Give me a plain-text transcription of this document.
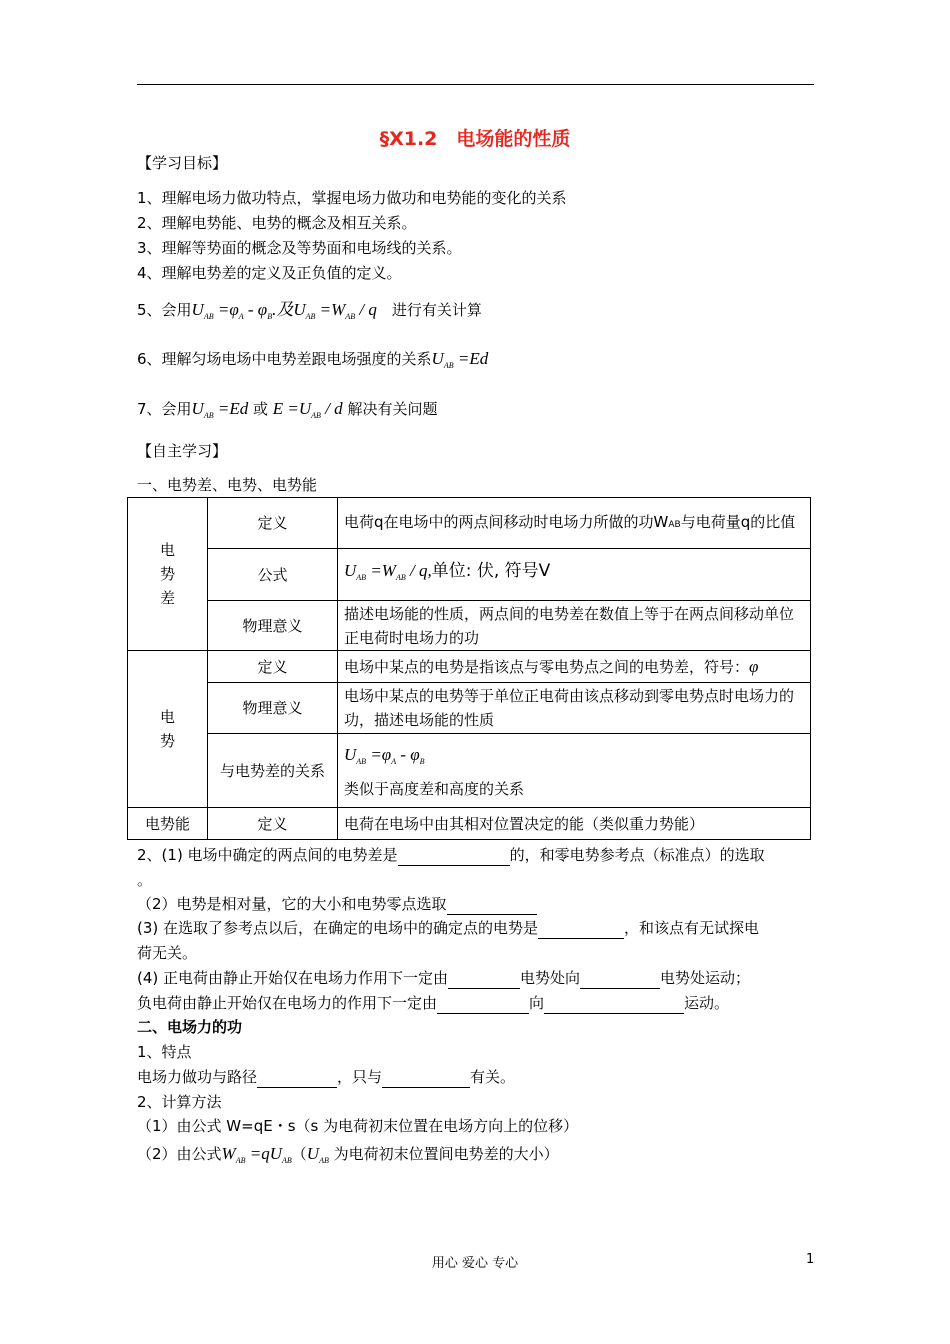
§X1.2　电场能的性质
【学习目标】
1、理解电场力做功特点，掌握电场力做功和电势能的变化的关系
2、理解电势能、电势的概念及相互关系。
3、理解等势面的概念及等势面和电场线的关系。
4、理解电势差的定义及正负值的定义。
5、会用$U_{AB} =\varphi_A - \varphi_B$.及$U_{AB} =W_{AB} / q$　进行有关计算
6、理解匀场电场中电势差跟电场强度的关系$U_{AB} =Ed$
7、会用$U_{AB} =Ed$ 或 $E =U_{AB} / d$ 解决有关问题
【自主学习】
一、电势差、电势、电势能
电势差	定义	电荷q在电场中的两点间移动时电场力所做的功WAB与电荷量q的比值
	公式	$U_{AB} =W_{AB} / q$,单位: 伏, 符号V
	物理意义	描述电场能的性质，两点间的电势差在数值上等于在两点间移动单位正电荷时电场力的功

电势	定义	电场中某点的电势是指该点与零电势点之间的电势差，符号：φ
	物理意义	电场中某点的电势等于单位正电荷由该点移动到零电势点时电场力的功，描述电场能的性质
	与电势差的关系	$U_{AB} =\varphi_A - \varphi_B$
类似于高度差和高度的关系

电势能	定义	电荷在电场中由其相对位置决定的能（类似重力势能）
2、(1) 电场中确定的两点间的电势差是	的，和零电势参考点（标准点）的选取
。
（2）电势是相对量，它的大小和电势零点选取
(3) 在选取了参考点以后，在确定的电场中的确定点的电势是	，和该点有无试探电
荷无关。
(4) 正电荷由静止开始仅在电场力作用下一定由	电势处向	电势处运动；
负电荷由静止开始仅在电场力的作用下一定由	向	运动。
二、电场力的功
1、特点
电场力做功与路径	，只与	有关。
2、计算方法
（1）由公式 W=qE・s（s 为电荷初末位置在电场方向上的位移）
（2）由公式$W_{AB} =qU_{AB}(U_{AB}$ 为电荷初末位置间电势差的大小）
用心 爱心 专心	1
